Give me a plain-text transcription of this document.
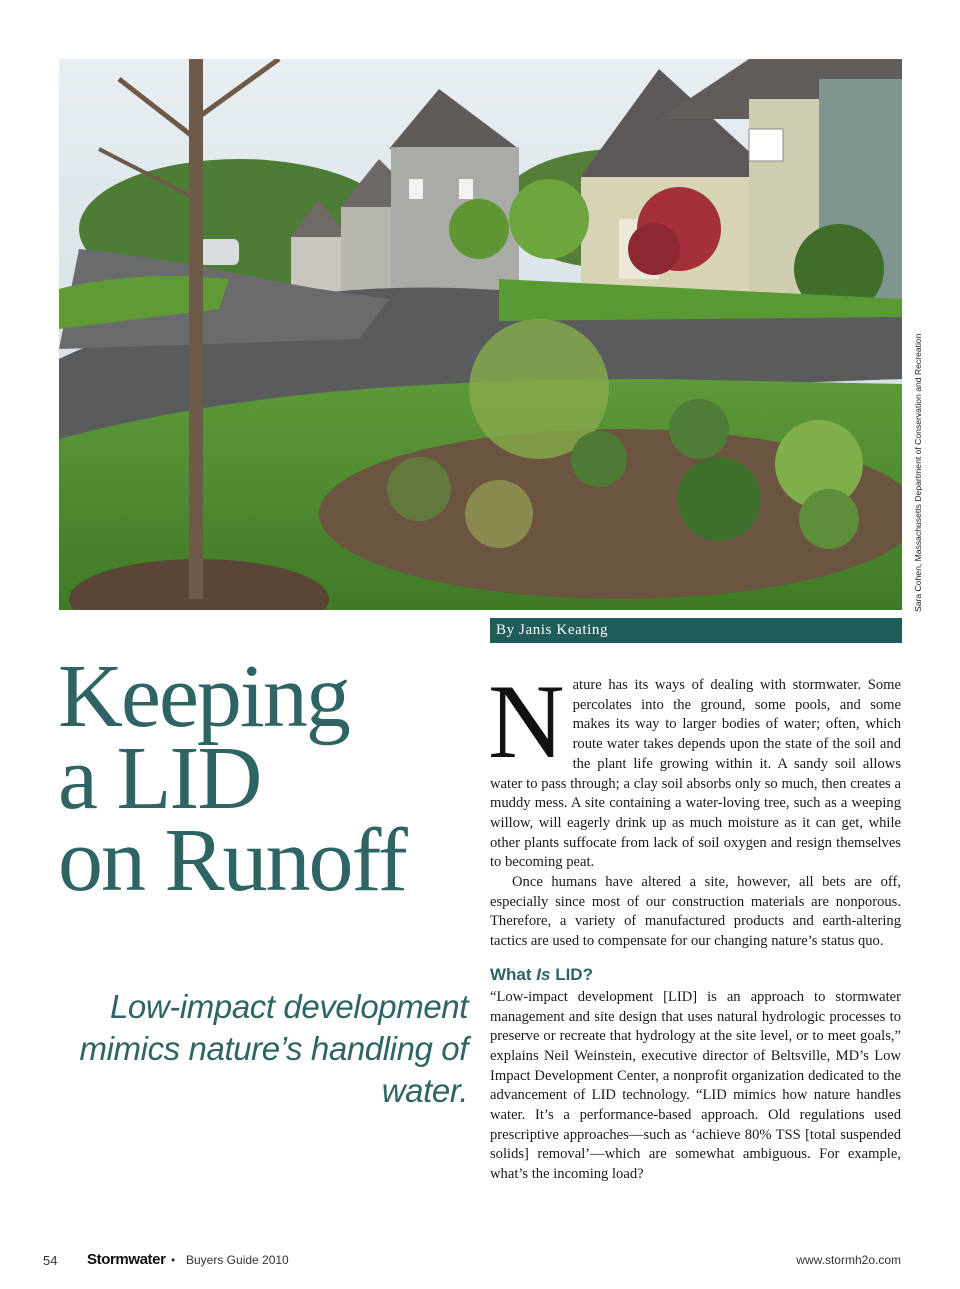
Sara Cohen, Massachusetts Department of Conservation and Recreation
By Janis Keating
Keeping
a LID
on Runoff
Low-impact development mimics nature’s handling of water.

Nature has its ways of dealing with stormwater. Some percolates into the ground, some pools, and some makes its way to larger bodies of water; often, which route water takes depends upon the state of the soil and the plant life growing within it. A sandy soil allows water to pass through; a clay soil absorbs only so much, then creates a muddy mess. A site containing a water-loving tree, such as a weeping willow, will eagerly drink up as much moisture as it can get, while other plants suffocate from lack of soil oxygen and resign themselves to becoming peat.

Once humans have altered a site, however, all bets are off, especially since most of our construction materials are nonporous. Therefore, a variety of manufactured products and earth-altering tactics are used to compensate for our changing nature’s status quo.

What Is LID?

“Low-impact development [LID] is an approach to stormwater management and site design that uses natural hydrologic processes to preserve or recreate that hydrology at the site level, or to meet goals,” explains Neil Weinstein, executive director of Beltsville, MD’s Low Impact Development Center, a nonprofit organization dedicated to the advancement of LID technology. “LID mimics how nature handles water. It’s a performance-based approach. Old regulations used prescriptive approaches—such as ‘achieve 80% TSS [total suspended solids] removal’—which are somewhat ambiguous. For example, what’s the incoming load?

54 Stormwater • Buyers Guide 2010	www.stormh2o.com
